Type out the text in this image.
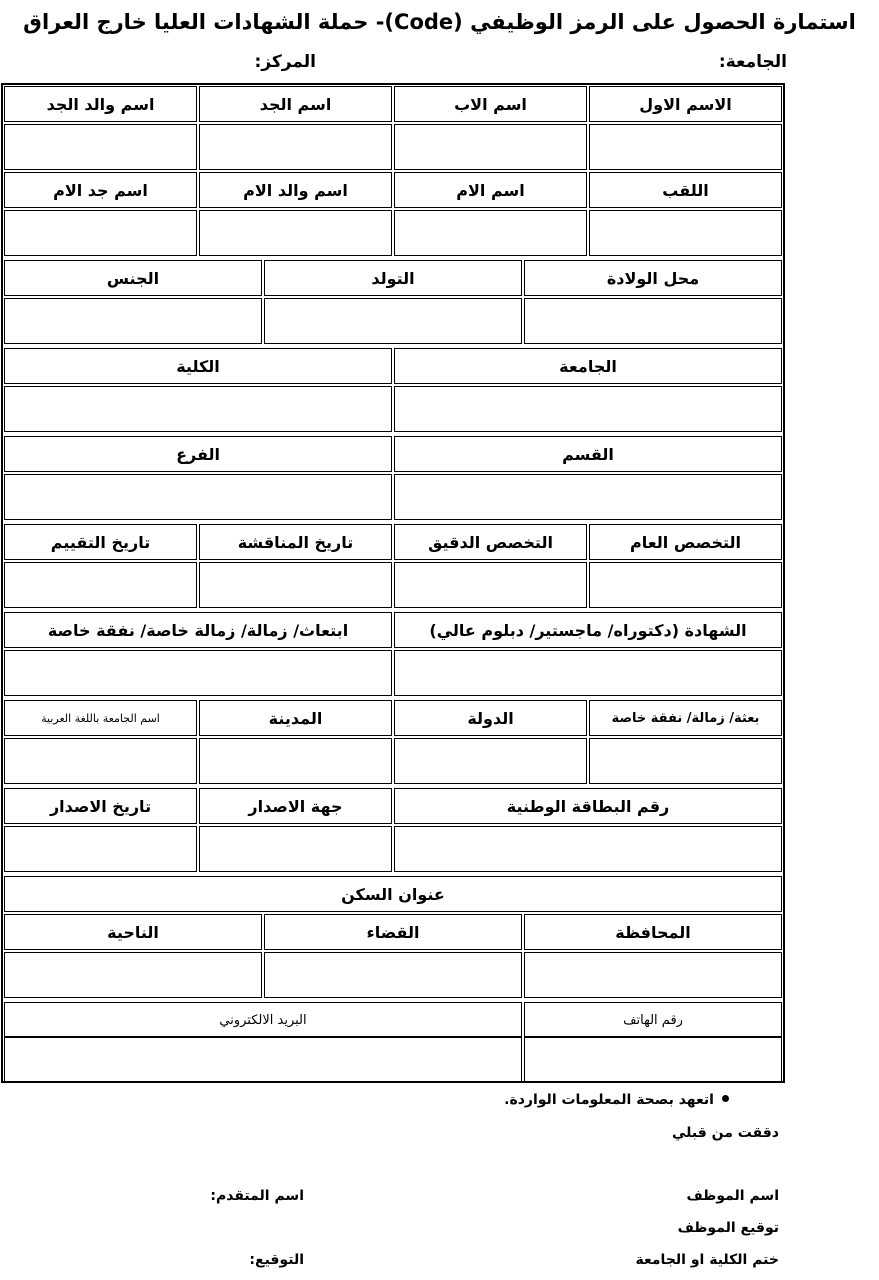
استمارة الحصول على الرمز الوظيفي (Code)- حملة الشهادات العليا خارج العراق
الجامعة:
المركز:
الاسم الاول
اسم الاب
اسم الجد
اسم والد الجد
اللقب
اسم الام
اسم والد الام
اسم جد الام
محل الولادة
التولد
الجنس
الجامعة
الكلية
القسم
الفرع
التخصص العام
التخصص الدقيق
تاريخ المناقشة
تاريخ التقييم
الشهادة (دكتوراه/ ماجستير/ دبلوم عالي)
ابتعاث/ زمالة/ زمالة خاصة/ نفقة خاصة
بعثة/ زمالة/ نفقة خاصة
الدولة
المدينة
اسم الجامعة باللغة العربية
رقم البطاقة الوطنية
جهة الاصدار
تاريخ الاصدار
عنوان السكن
المحافظة
القضاء
الناحية
رقم الهاتف
البريد الالكتروني
اتعهد بصحة المعلومات الواردة.
دققت من قبلي
اسم الموظف
اسم المتقدم:
توقيع الموظف
ختم الكلية او الجامعة
التوقيع:
